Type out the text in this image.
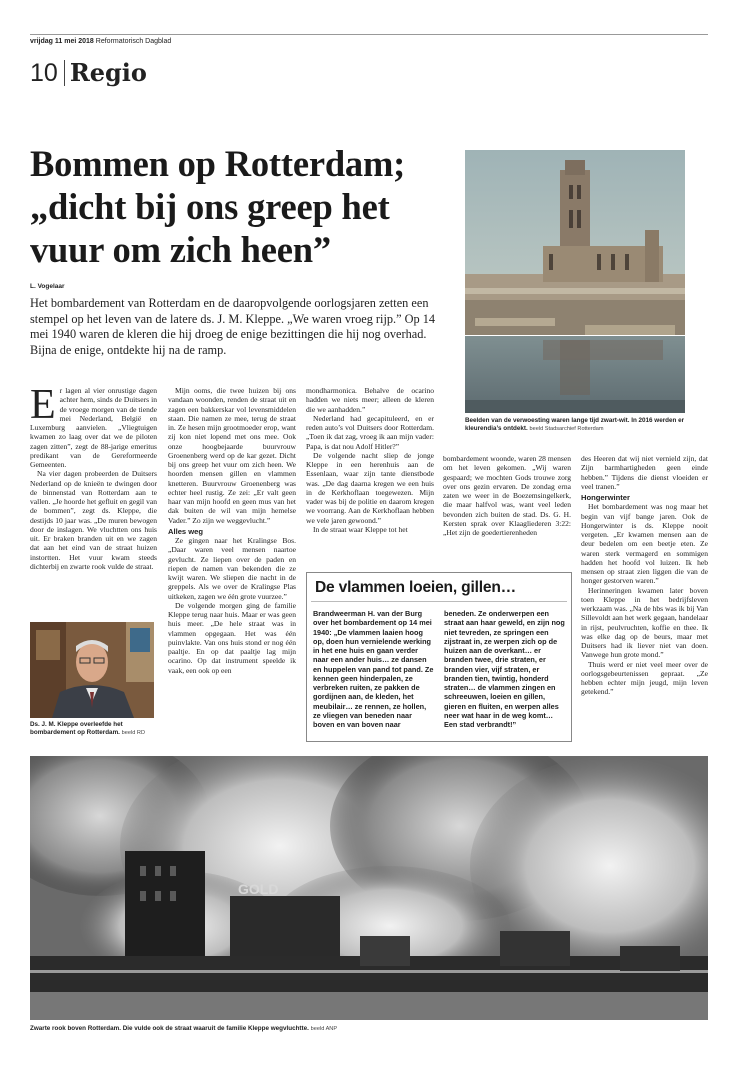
vrijdag 11 mei 2018 Reformatorisch Dagblad
10 Regio
Bommen op Rotterdam;
„dicht bij ons greep het
vuur om zich heen”
L. Vogelaar

Het bombardement van Rotterdam en de daaropvolgende oorlogsjaren zetten een stempel op het leven van de latere ds. J. M. Kleppe. „We waren vroeg rijp.” Op 14 mei 1940 waren de kleren die hij droeg de enige bezittingen die hij nog overhad. Bijna de enige, ontdekte hij na de ramp.

Beelden van de verwoesting waren lange tijd zwart-wit. In 2016 werden er kleurendia’s ontdekt. beeld Stadsarchief Rotterdam
E r lagen al vier onrustige dagen achter hem, sinds de Duitsers in de vroege morgen van de tiende mei Nederland, België en Luxemburg aanvielen. „Vliegtuigen kwamen zo laag over dat we de piloten zagen zitten”, zegt de 88-jarige emeritus predikant van de Gereformeerde Gemeenten.

Na vier dagen probeerden de Duitsers Nederland op de knieën te dwingen door de binnenstad van Rotterdam aan te vallen. „Je hoorde het gefluit en gegil van de bommen”, zegt ds. Kleppe, die destijds 10 jaar was. „De muren bewogen door de inslagen. We vluchtten ons huis uit. Er braken branden uit en we zagen dat aan het eind van de straat huizen instortten. Het vuur kwam steeds dichterbij en zwarte rook vulde de straat.

Ds. J. M. Kleppe overleefde het bombardement op Rotterdam. beeld RD

Mijn ooms, die twee huizen bij ons vandaan woonden, renden de straat uit en zagen een bakkerskar vol levensmiddelen staan. Die namen ze mee, terug de straat in. Ze hesen mijn grootmoeder erop, want zij kon niet lopend met ons mee. Ook onze hoogbejaarde buurvrouw Groenenberg werd op de kar gezet. Dicht bij ons greep het vuur om zich heen. We hoorden mensen gillen en vlammen knetteren. Buurvrouw Groenenberg was echter heel rustig. Ze zei: „Er valt geen haar van mijn hoofd en geen mus van het dak buiten de wil van mijn hemelse Vader.” Zo zijn we weggevlucht.”

Alles weg

Ze gingen naar het Kralingse Bos. „Daar waren veel mensen naartoe gevlucht. Ze liepen over de paden en riepen de namen van bekenden die ze kwijt waren. We sliepen die nacht in de greppels. Als we over de Kralingse Plas uitkeken, zagen we één grote vuurzee.”

De volgende morgen ging de familie Kleppe terug naar huis. Maar er was geen huis meer. „De hele straat was in vlammen opgegaan. Het was één puinvlakte. Van ons huis stond er nog één paaltje. En op dat paaltje lag mijn ocarino. Op dat instrument speelde ik vaak, een ook op een

mondharmonica. Behalve de ocarino hadden we niets meer; alleen de kleren die we aanhadden.”

Nederland had gecapituleerd, en er reden auto’s vol Duitsers door Rotterdam. „Toen ik dat zag, vroeg ik aan mijn vader: Papa, is dat nou Adolf Hitler?”

De volgende nacht sliep de jonge Kleppe in een herenhuis aan de Essenlaan, waar zijn tante dienstbode was. „De dag daarna kregen we een huis in de Kerkhoflaan toegewezen. Mijn vader was bij de politie en daarom kregen we voorrang. Aan de Kerkhoflaan hebben we vele jaren gewoond.”

In de straat waar Kleppe tot het

bombardement woonde, waren 28 mensen om het leven gekomen. „Wij waren gespaard; we mochten Gods trouwe zorg over ons gezin ervaren. De zondag erna zaten we weer in de Boezemsingelkerk, die maar halfvol was, want veel leden bevonden zich buiten de stad. Ds. G. H. Kersten sprak over Klaagliederen 3:22: „Het zijn de goedertierenheden

des Heeren dat wij niet vernield zijn, dat Zijn barmhartigheden geen einde hebben.” Tijdens die dienst vloeiden er veel tranen.”

Hongerwinter

Het bombardement was nog maar het begin van vijf bange jaren. Ook de Hongerwinter is ds. Kleppe nooit vergeten. „Er kwamen mensen aan de deur bedelen om een beetje eten. Ze waren sterk vermagerd en sommigen hadden het hoofd vol luizen. Ik heb mensen op straat zien liggen die van de honger gestorven waren.”

Herinneringen kwamen later boven toen Kleppe in het bedrijfsleven werkzaam was. „Na de hbs was ik bij Van Sillevoldt aan het werk gegaan, handelaar in rijst, peulvruchten, koffie en thee. Ik was elke dag op de beurs, maar met Duitsers had ik liever niet van doen. Vanwege hun grote mond.”

Thuis werd er niet veel meer over de oorlogsgebeurtenissen gepraat. „Ze hebben echter mijn jeugd, mijn leven getekend.”

De vlammen loeien, gillen…
Brandweerman H. van der Burg over het bombardement op 14 mei 1940: „De vlammen laaien hoog op, doen hun vernielende werking in het ene huis en gaan verder naar een ander huis… ze dansen en huppelen van pand tot pand. Ze kennen geen hinderpalen, ze verbreken ruiten, ze pakken de gordijnen aan, de kleden, het meubilair… ze rennen, ze hollen, ze vliegen van beneden naar boven en van boven naar
beneden. Ze onderwerpen een straat aan haar geweld, en zijn nog niet tevreden, ze springen een zijstraat in, ze werpen zich op de huizen aan de overkant… er branden twee, drie straten, er branden vier, vijf straten, er branden tien, twintig, honderd straten… de vlammen zingen en schreeuwen, loeien en gillen, gieren en fluiten, en werpen alles neer wat haar in de weg komt… Een stad verbrandt!”
GOLD
Zwarte rook boven Rotterdam. Die vulde ook de straat waaruit de familie Kleppe wegvluchtte. beeld ANP
